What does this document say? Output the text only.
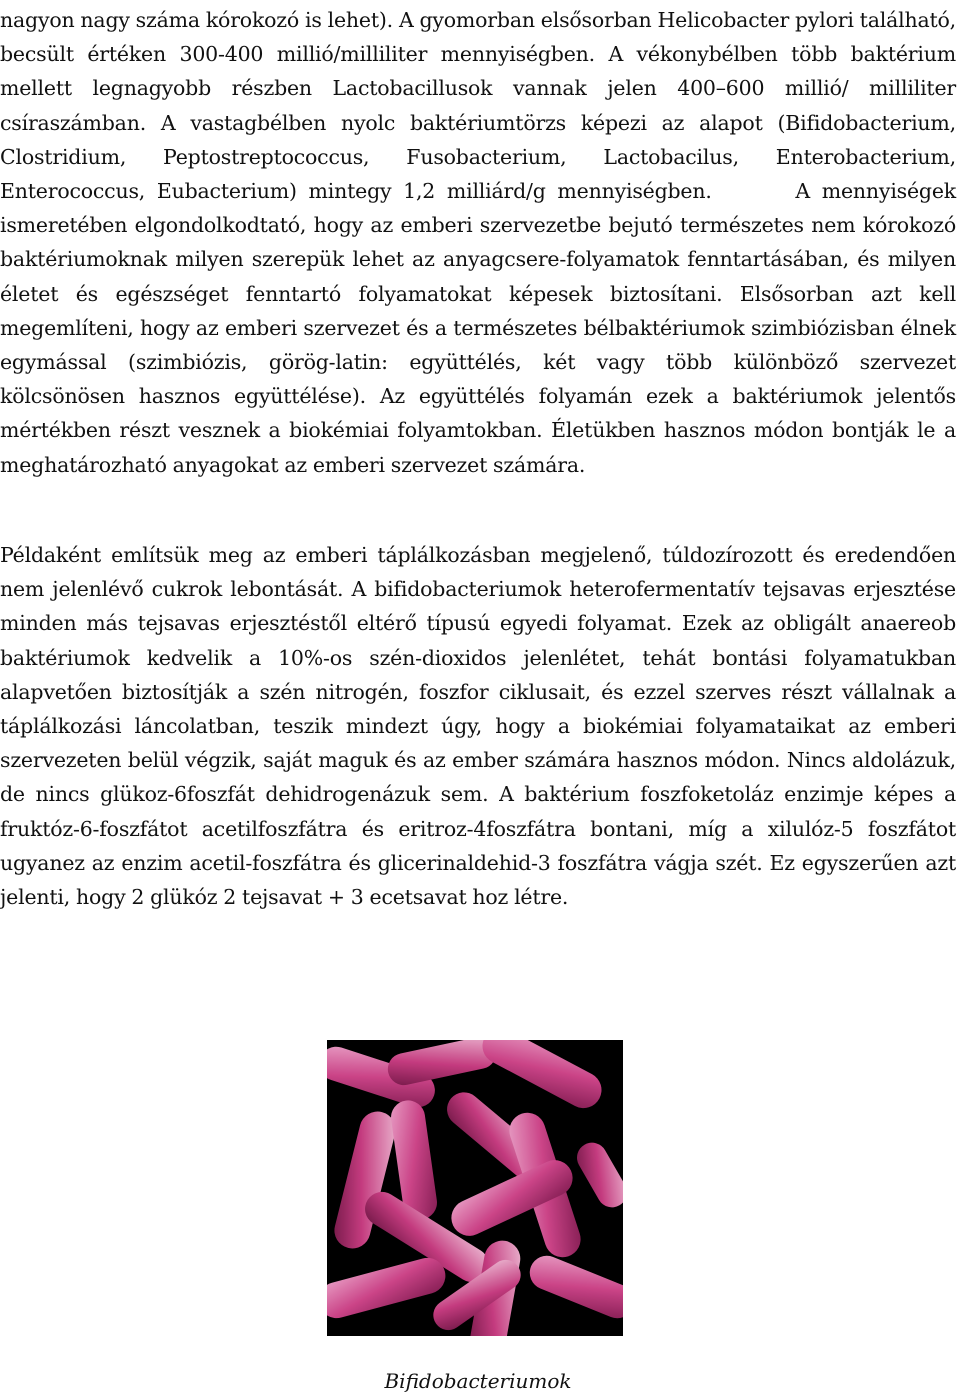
nagyon nagy száma kórokozó is lehet). A gyomorban elsősorban Helicobacter pylori található, becsült értéken 300-400 millió/milliliter mennyiségben. A vékonybélben több baktérium mellett legnagyobb részben Lactobacillusok vannak jelen 400–600 millió/ milliliter csíraszámban. A vastagbélben nyolc baktériumtörzs képezi az alapot (Bifidobacterium, Clostridium, Peptostreptococcus, Fusobacterium, Lactobacilus, Enterobacterium, Enterococcus, Eubacterium) mintegy 1,2 milliárd/g mennyiségben.	A mennyiségek ismeretében elgondolkodtató, hogy az emberi szervezetbe bejutó természetes nem kórokozó baktériumoknak milyen szerepük lehet az anyagcsere-folyamatok fenntartásában, és milyen életet és egészséget fenntartó folyamatokat képesek biztosítani. Elsősorban azt kell megemlíteni, hogy az emberi szervezet és a természetes bélbaktériumok szimbiózisban élnek egymással (szimbiózis, görög-latin: együttélés, két vagy több különböző szervezet kölcsönösen hasznos együttélése). Az együttélés folyamán ezek a baktériumok jelentős mértékben részt vesznek a biokémiai folyamtokban. Életükben hasznos módon bontják le a meghatározható anyagokat az emberi szervezet számára.
Példaként említsük meg az emberi táplálkozásban megjelenő, túldozírozott és eredendően nem jelenlévő cukrok lebontását. A bifidobacteriumok heterofermentatív tejsavas erjesztése minden más tejsavas erjesztéstől eltérő típusú egyedi folyamat. Ezek az obligált anaereob baktériumok kedvelik a 10%-os szén-dioxidos jelenlétet, tehát bontási folyamatukban alapvetően biztosítják a szén nitrogén, foszfor ciklusait, és ezzel szerves részt vállalnak a táplálkozási láncolatban, teszik mindezt úgy, hogy a biokémiai folyamataikat az emberi szervezeten belül végzik, saját maguk és az ember számára hasznos módon. Nincs aldolázuk, de nincs glükoz-6foszfát dehidrogenázuk sem. A baktérium foszfoketoláz enzimje képes a fruktóz-6-foszfátot acetilfoszfátra és eritroz-4foszfátra bontani, míg a xilulóz-5 foszfátot ugyanez az enzim acetil-foszfátra és glicerinaldehid-3 foszfátra vágja szét. Ez egyszerűen azt jelenti, hogy 2 glükóz 2 tejsavat + 3 ecetsavat hoz létre.
Bifidobacteriumok
